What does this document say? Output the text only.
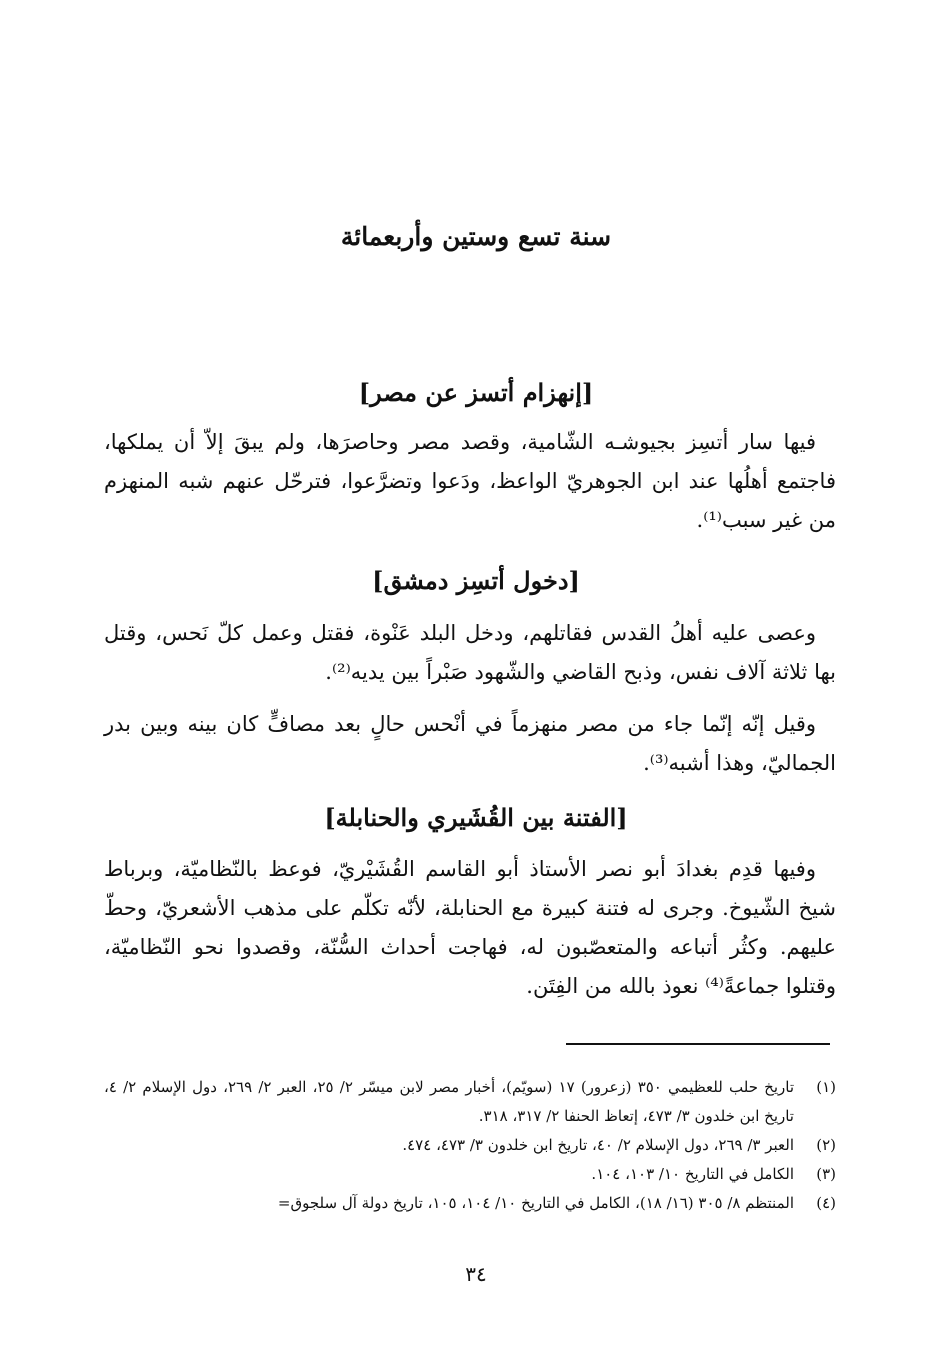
سنة تسع وستين وأربعمائة
[إنهزام أتسز عن مصر]

فيها سار أتسِز بجيوشـه الشّامية، وقصد مصر وحاصرَها، ولم يبقَ إلاّ أن يملكها، فاجتمع أهلُها عند ابن الجوهريّ الواعظ، ودَعوا وتضرَّعوا، فترحّل عنهم شبه المنهزم من غير سبب⁽¹⁾.

[دخول أتسِز دمشق]

وعصى عليه أهلُ القدس فقاتلهم، ودخل البلد عَنْوة، فقتل وعمل كلّ نَحس، وقتل بها ثلاثة آلاف نفس، وذبح القاضي والشّهود صَبْراً بين يديه⁽²⁾.

وقيل إنّه إنّما جاء من مصر منهزماً في أنْحس حالٍ بعد مصافٍّ كان بينه وبين بدر الجماليّ، وهذا أشبه⁽³⁾.

[الفتنة بين القُشَيري والحنابلة]

وفيها قدِم بغدادَ أبو نصر الأستاذ أبو القاسم القُشَيْريّ، فوعظ بالنّظاميّة، وبرباط شيخ الشّيوخ. وجرى له فتنة كبيرة مع الحنابلة، لأنّه تكلّم على مذهب الأشعريّ، وحطّ عليهم. وكثُر أتباعه والمتعصّبون له، فهاجت أحداث السُّنّة، وقصدوا نحو النّظاميّة، وقتلوا جماعةً⁽⁴⁾ نعوذ بالله من الفِتَن.

(١)
تاريخ حلب للعظيمي ٣٥٠ (زعرور) ١٧ (سويّم)، أخبار مصر لابن ميسّر ٢/ ٢٥، العبر ٢/ ٢٦٩، دول الإسلام ٢/ ٤، تاريخ ابن خلدون ٣/ ٤٧٣، إتعاظ الحنفا ٢/ ٣١٧، ٣١٨.
(٢)
العبر ٣/ ٢٦٩، دول الإسلام ٢/ ٤٠، تاريخ ابن خلدون ٣/ ٤٧٣، ٤٧٤.
(٣)
الكامل في التاريخ ١٠/ ١٠٣، ١٠٤.
(٤)
المنتظم ٨/ ٣٠٥ (١٦/ ١٨)، الكامل في التاريخ ١٠/ ١٠٤، ١٠٥، تاريخ دولة آل سلجوق=
٣٤
